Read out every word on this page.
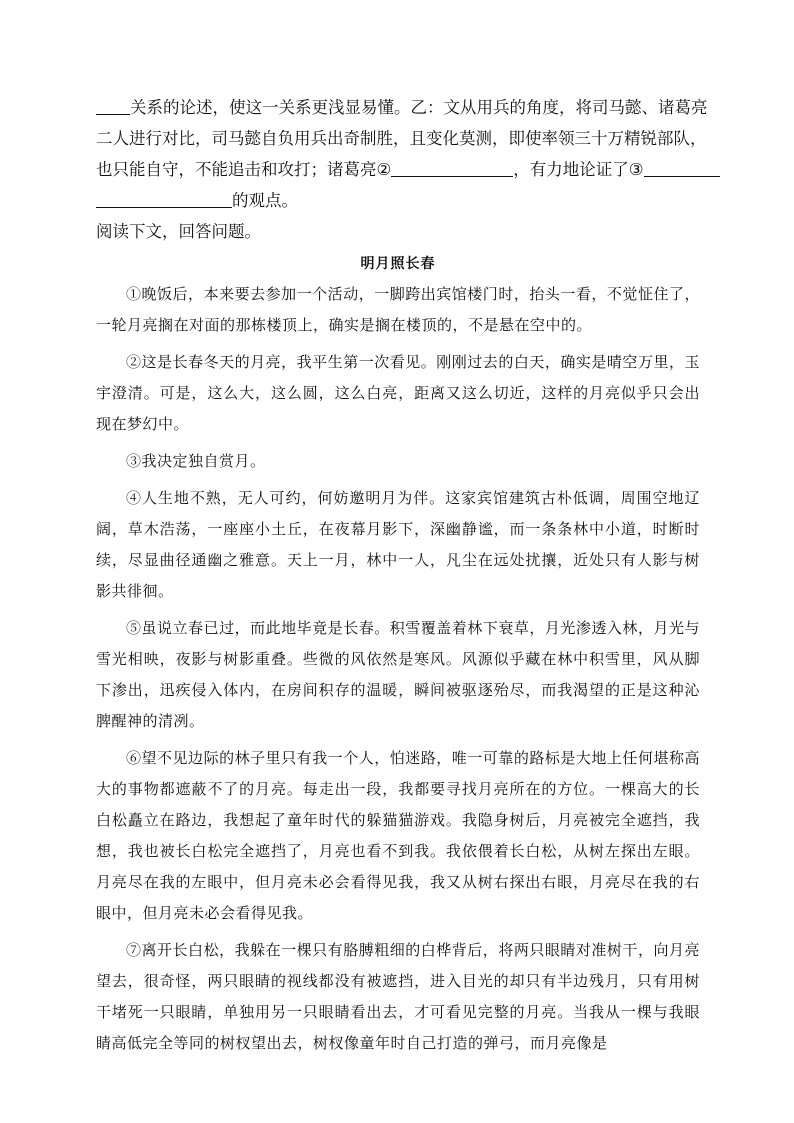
关系的论述，使这一关系更浅显易懂。乙：文从用兵的角度，将司马懿、诸葛亮

二人进行对比，司马懿自负用兵出奇制胜，且变化莫测，即使率领三十万精锐部队，

也只能自守，不能追击和攻打；诸葛亮②	，有力地论证了③

的观点。

阅读下文，回答问题。

明月照长春

①晚饭后，本来要去参加一个活动，一脚跨出宾馆楼门时，抬头一看，不觉怔住了，一轮月亮搁在对面的那栋楼顶上，确实是搁在楼顶的，不是悬在空中的。

②这是长春冬天的月亮，我平生第一次看见。刚刚过去的白天，确实是晴空万里，玉宇澄清。可是，这么大，这么圆，这么白亮，距离又这么切近，这样的月亮似乎只会出现在梦幻中。

③我决定独自赏月。

④人生地不熟，无人可约，何妨邀明月为伴。这家宾馆建筑古朴低调，周围空地辽阔，草木浩荡，一座座小土丘，在夜幕月影下，深幽静谧，而一条条林中小道，时断时续，尽显曲径通幽之雅意。天上一月，林中一人，凡尘在远处扰攘，近处只有人影与树影共徘徊。

⑤虽说立春已过，而此地毕竟是长春。积雪覆盖着林下衰草，月光渗透入林，月光与雪光相映，夜影与树影重叠。些微的风依然是寒风。风源似乎藏在林中积雪里，风从脚下渗出，迅疾侵入体内，在房间积存的温暖，瞬间被驱逐殆尽，而我渴望的正是这种沁脾醒神的清冽。

⑥望不见边际的林子里只有我一个人，怕迷路，唯一可靠的路标是大地上任何堪称高大的事物都遮蔽不了的月亮。每走出一段，我都要寻找月亮所在的方位。一棵高大的长白松矗立在路边，我想起了童年时代的躲猫猫游戏。我隐身树后，月亮被完全遮挡，我想，我也被长白松完全遮挡了，月亮也看不到我。我依偎着长白松，从树左探出左眼。月亮尽在我的左眼中，但月亮未必会看得见我，我又从树右探出右眼，月亮尽在我的右眼中，但月亮未必会看得见我。

⑦离开长白松，我躲在一棵只有胳膊粗细的白桦背后，将两只眼睛对准树干，向月亮望去，很奇怪，两只眼睛的视线都没有被遮挡，进入目光的却只有半边残月，只有用树干堵死一只眼睛，单独用另一只眼睛看出去，才可看见完整的月亮。当我从一棵与我眼睛高低完全等同的树杈望出去，树杈像童年时自己打造的弹弓，而月亮像是
